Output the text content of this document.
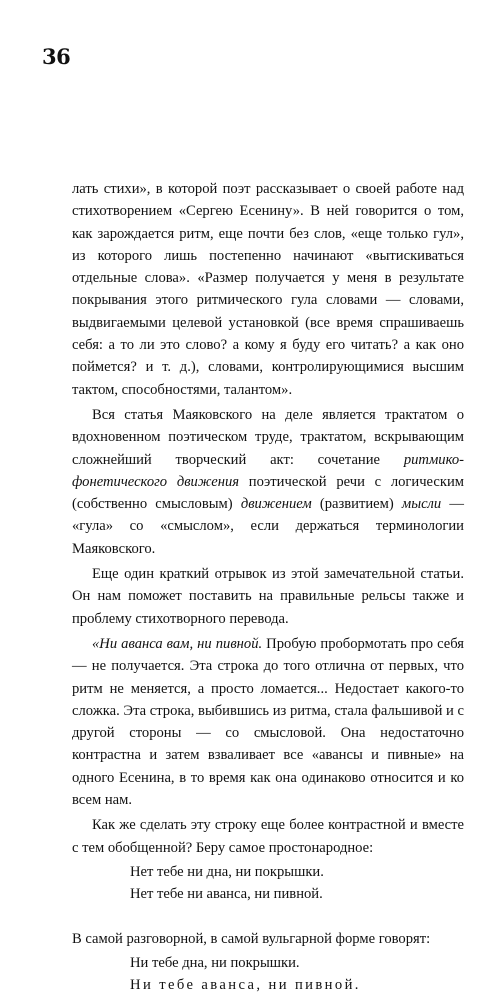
36

лать стихи», в которой поэт рассказывает о своей работе над стихотворением «Сергею Есенину». В ней говорится о том, как зарождается ритм, еще почти без слов, «еще только гул», из которого лишь постепенно начинают «вытискиваться отдельные слова». «Размер получается у меня в результате покрывания этого ритмического гула словами — словами, выдвигаемыми целевой установкой (все время спрашиваешь себя: а то ли это слово? а кому я буду его читать? а как оно поймется? и т. д.), словами, контролирующимися высшим тактом, способностями, талантом».

Вся статья Маяковского на деле является трактатом о вдохновенном поэтическом труде, трактатом, вскрывающим сложнейший творческий акт: сочетание ритмико-фонетического движения поэтической речи с логическим (собственно смысловым) движением (развитием) мысли — «гула» со «смыслом», если держаться терминологии Маяковского.

Еще один краткий отрывок из этой замечательной статьи. Он нам поможет поставить на правильные рельсы также и проблему стихотворного перевода.

«Ни аванса вам, ни пивной. Пробую пробормотать про себя — не получается. Эта строка до того отлична от первых, что ритм не меняется, а просто ломается... Недостает какого-то сложка. Эта строка, выбившись из ритма, стала фальшивой и с другой стороны — со смысловой. Она недостаточно контрастна и затем взваливает все «авансы и пивные» на одного Есенина, в то время как она одинаково относится и ко всем нам.

Как же сделать эту строку еще более контрастной и вместе с тем обобщенной? Беру самое простонародное:

Нет тебе ни дна, ни покрышки.
Нет тебе ни аванса, ни пивной.

В самой разговорной, в самой вульгарной форме говорят:

Ни тебе дна, ни покрышки.
Ни тебе аванса, ни пивной.
